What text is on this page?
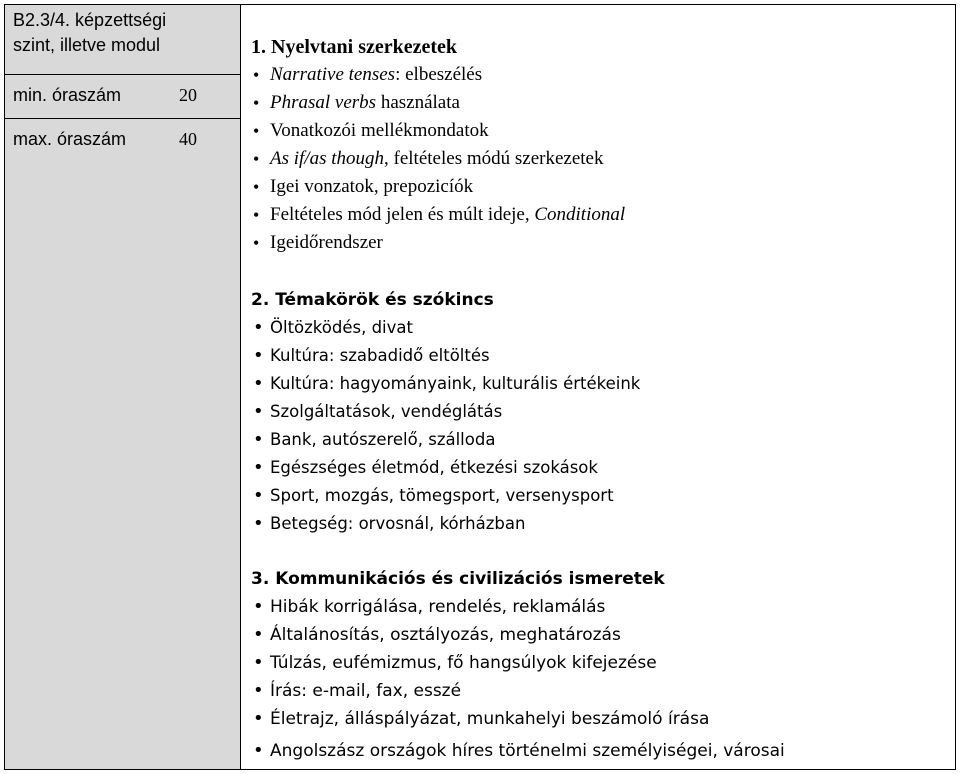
B2.3/4. képzettségi
szint, illetve modul
min. óraszám	20
max. óraszám	40
1. Nyelvtani szerkezetek
• Narrative tenses: elbeszélés
• Phrasal verbs használata
• Vonatkozói mellékmondatok
• As if/as though, feltételes módú szerkezetek
• Igei vonzatok, prepozicíók
• Feltételes mód jelen és múlt ideje, Conditional
• Igeidőrendszer
2. Témakörök és szókincs
• Öltözködés, divat
• Kultúra: szabadidő eltöltés
• Kultúra: hagyományaink, kulturális értékeink
• Szolgáltatások, vendéglátás
• Bank, autószerelő, szálloda
• Egészséges életmód, étkezési szokások
• Sport, mozgás, tömegsport, versenysport
• Betegség: orvosnál, kórházban
3. Kommunikációs és civilizációs ismeretek
• Hibák korrigálása, rendelés, reklamálás
• Általánosítás, osztályozás, meghatározás
• Túlzás, eufémizmus, fő hangsúlyok kifejezése
• Írás: e-mail, fax, esszé
• Életrajz, álláspályázat, munkahelyi beszámoló írása
• Angolszász országok híres történelmi személyiségei, városai
